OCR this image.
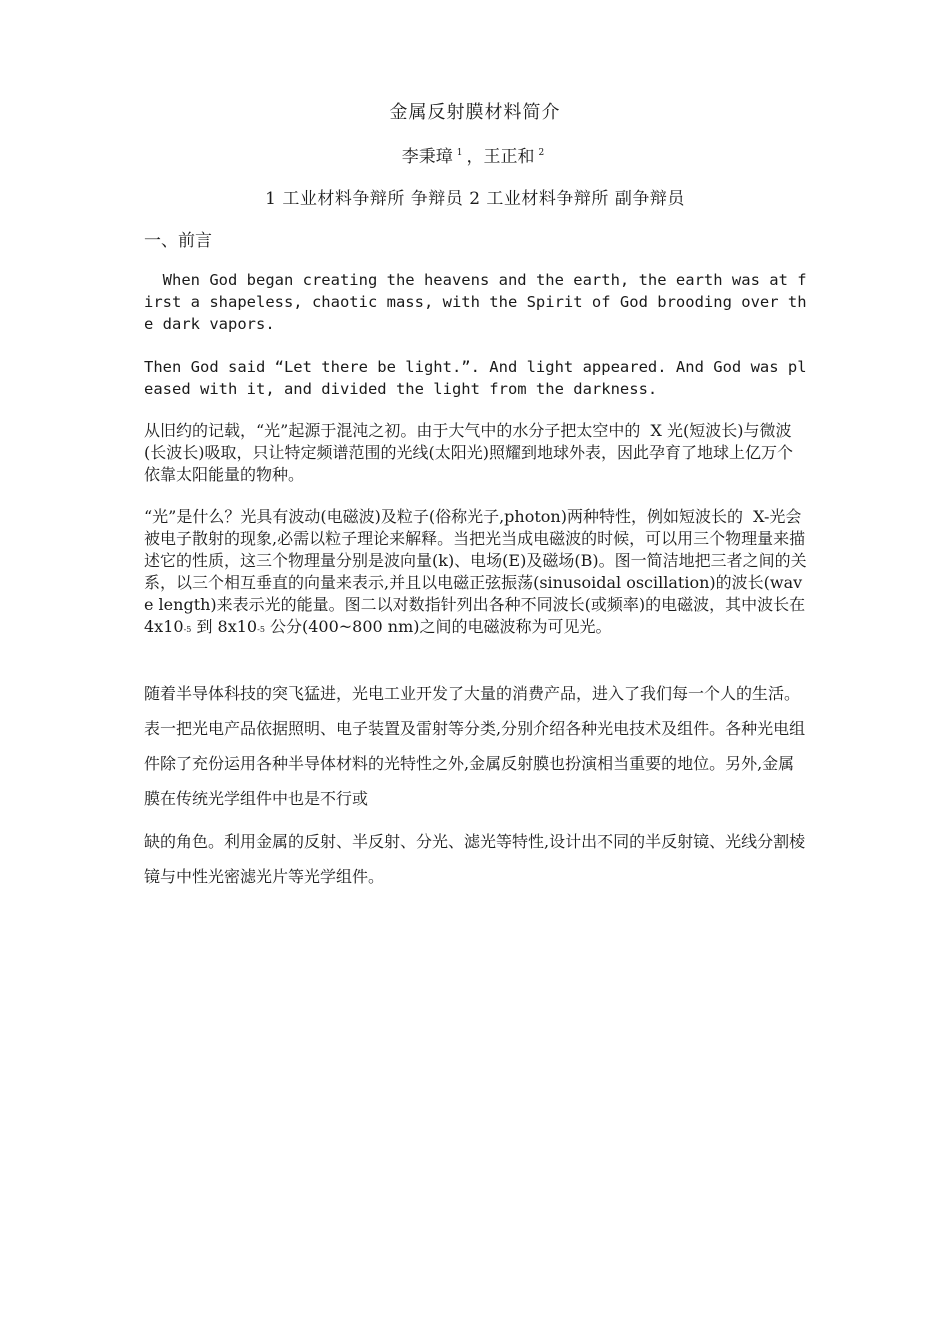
金属反射膜材料简介
李秉璋 $^1$ ，王正和 $^2$
1 工业材料争辩所 争辩员 2 工业材料争辩所 副争辩员
一、前言

When God began creating the heavens and the earth, the earth was at first a shapeless, chaotic mass, with the Spirit of God brooding over the dark vapors.

Then God said “Let there be light.”. And light appeared. And God was pleased with it, and divided the light from the darkness.

从旧约的记载，“光”起源于混沌之初。由于大气中的水分子把太空中的  X 光(短波长)与微波(长波长)吸取，只让特定频谱范围的光线(太阳光)照耀到地球外表，因此孕育了地球上亿万个依靠太阳能量的物种。

“光”是什么？光具有波动(电磁波)及粒子(俗称光子,photon)两种特性，例如短波长的  X-光会被电子散射的现象,必需以粒子理论来解释。当把光当成电磁波的时候，可以用三个物理量来描述它的性质，这三个物理量分别是波向量(k)、电场(E)及磁场(B)。图一简洁地把三者之间的关系，以三个相互垂直的向量来表示,并且以电磁正弦振荡(sinusoidal oscillation)的波长(wave length)来表示光的能量。图二以对数指针列出各种不同波长(或频率)的电磁波，其中波长在 4x10-5 到 8x10-5 公分(400~800 nm)之间的电磁波称为可见光。

随着半导体科技的突飞猛进，光电工业开发了大量的消费产品，进入了我们每一个人的生活。表一把光电产品依据照明、电子装置及雷射等分类,分别介绍各种光电技术及组件。各种光电组件除了充份运用各种半导体材料的光特性之外,金属反射膜也扮演相当重要的地位。另外,金属膜在传统光学组件中也是不行或

缺的角色。利用金属的反射、半反射、分光、滤光等特性,设计出不同的半反射镜、光线分割棱镜与中性光密滤光片等光学组件。
